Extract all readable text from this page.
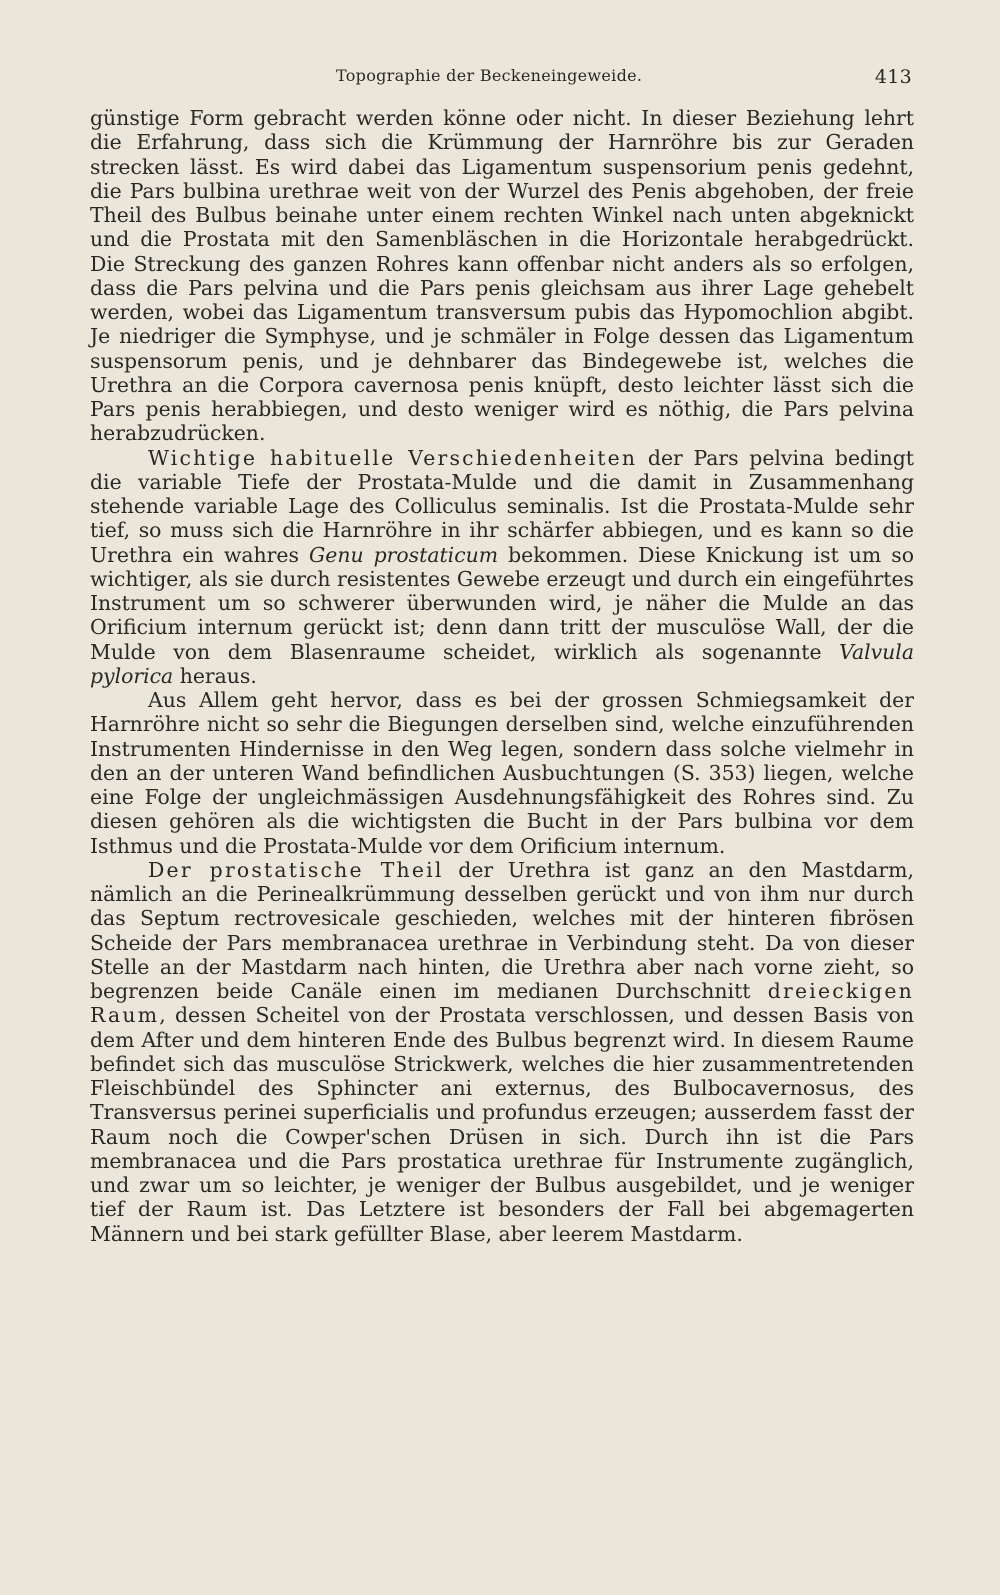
Topographie der Beckeneingeweide.	413

günstige Form gebracht werden könne oder nicht. In dieser Beziehung lehrt die Erfahrung, dass sich die Krümmung der Harnröhre bis zur Geraden strecken lässt. Es wird dabei das Ligamentum suspensorium penis gedehnt, die Pars bulbina urethrae weit von der Wurzel des Penis abgehoben, der freie Theil des Bulbus beinahe unter einem rechten Winkel nach unten abgeknickt und die Prostata mit den Samenbläschen in die Horizontale herabgedrückt. Die Streckung des ganzen Rohres kann offenbar nicht anders als so erfolgen, dass die Pars pelvina und die Pars penis gleichsam aus ihrer Lage gehebelt werden, wobei das Ligamentum transversum pubis das Hypomochlion abgibt. Je niedriger die Symphyse, und je schmäler in Folge dessen das Ligamentum suspensorum penis, und je dehnbarer das Bindegewebe ist, welches die Urethra an die Corpora cavernosa penis knüpft, desto leichter lässt sich die Pars penis herabbiegen, und desto weniger wird es nöthig, die Pars pelvina herabzudrücken.

Wichtige habituelle Verschiedenheiten der Pars pelvina bedingt die variable Tiefe der Prostata-Mulde und die damit in Zusammenhang stehende variable Lage des Colliculus seminalis. Ist die Prostata-Mulde sehr tief, so muss sich die Harnröhre in ihr schärfer abbiegen, und es kann so die Urethra ein wahres Genu prostaticum bekommen. Diese Knickung ist um so wichtiger, als sie durch resistentes Gewebe erzeugt und durch ein eingeführtes Instrument um so schwerer überwunden wird, je näher die Mulde an das Orificium internum gerückt ist; denn dann tritt der musculöse Wall, der die Mulde von dem Blasenraume scheidet, wirklich als sogenannte Valvula pylorica heraus.

Aus Allem geht hervor, dass es bei der grossen Schmiegsamkeit der Harnröhre nicht so sehr die Biegungen derselben sind, welche einzuführenden Instrumenten Hindernisse in den Weg legen, sondern dass solche vielmehr in den an der unteren Wand befindlichen Ausbuchtungen (S. 353) liegen, welche eine Folge der ungleichmässigen Ausdehnungsfähigkeit des Rohres sind. Zu diesen gehören als die wichtigsten die Bucht in der Pars bulbina vor dem Isthmus und die Prostata-Mulde vor dem Orificium internum.

Der prostatische Theil der Urethra ist ganz an den Mastdarm, nämlich an die Perinealkrümmung desselben gerückt und von ihm nur durch das Septum rectrovesicale geschieden, welches mit der hinteren fibrösen Scheide der Pars membranacea urethrae in Verbindung steht. Da von dieser Stelle an der Mastdarm nach hinten, die Urethra aber nach vorne zieht, so begrenzen beide Canäle einen im medianen Durchschnitt dreieckigen Raum, dessen Scheitel von der Prostata verschlossen, und dessen Basis von dem After und dem hinteren Ende des Bulbus begrenzt wird. In diesem Raume befindet sich das musculöse Strickwerk, welches die hier zusammentretenden Fleischbündel des Sphincter ani externus, des Bulbocavernosus, des Transversus perinei superficialis und profundus erzeugen; ausserdem fasst der Raum noch die Cowper'schen Drüsen in sich. Durch ihn ist die Pars membranacea und die Pars prostatica urethrae für Instrumente zugänglich, und zwar um so leichter, je weniger der Bulbus ausgebildet, und je weniger tief der Raum ist. Das Letztere ist besonders der Fall bei abgemagerten Männern und bei stark gefüllter Blase, aber leerem Mastdarm.
